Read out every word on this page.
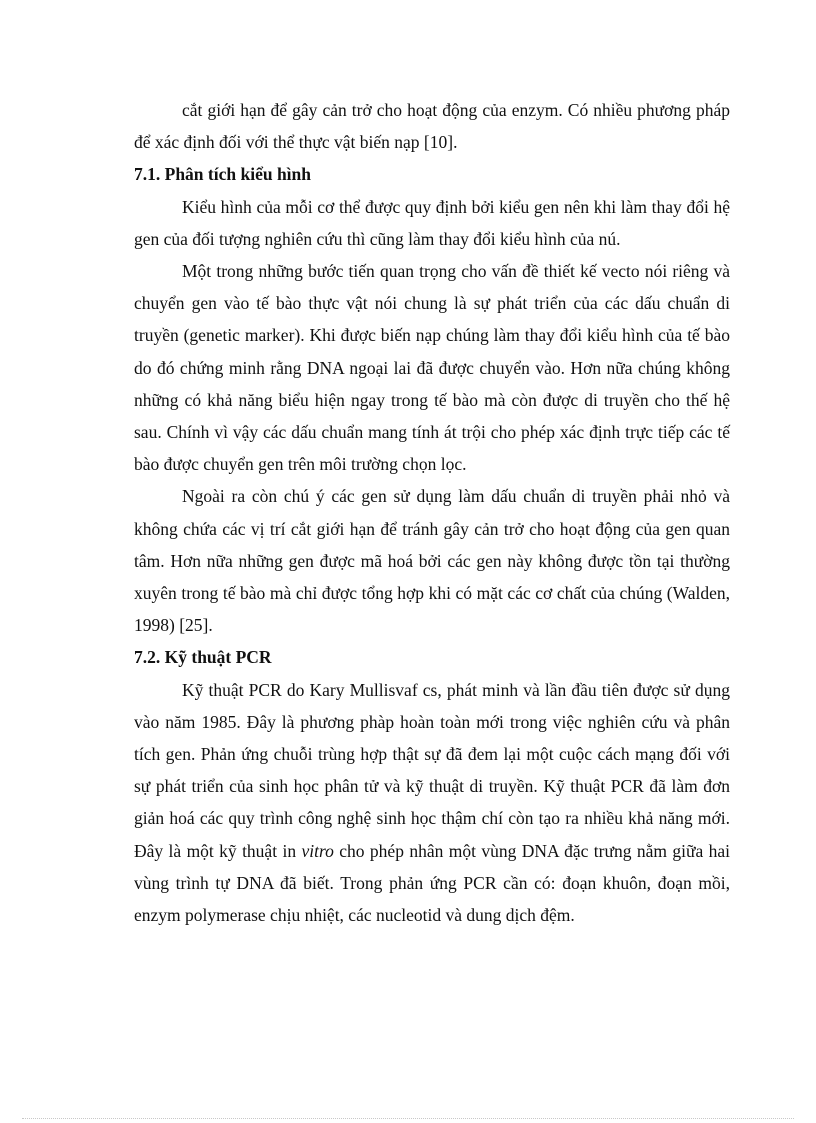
cắt giới hạn để gây cản trở cho hoạt động của enzym. Có nhiều phương pháp để xác định đối với thể thực vật biến nạp [10].

7.1. Phân tích kiểu hình

Kiểu hình của mỗi cơ thể được quy định bởi kiểu gen nên khi làm thay đổi hệ gen của đối tượng nghiên cứu thì cũng làm thay đổi kiểu hình của nú.

Một trong những bước tiến quan trọng cho vấn đề thiết kế vecto nói riêng và chuyển gen vào tế bào thực vật nói chung là sự phát triển của các dấu chuẩn di truyền (genetic marker). Khi được biến nạp chúng làm thay đổi kiểu hình của tế bào do đó chứng minh rằng DNA ngoại lai đã được chuyển vào. Hơn nữa chúng không những có khả năng biểu hiện ngay trong tế bào mà còn được di truyền cho thế hệ sau. Chính vì vậy các dấu chuẩn mang tính át trội cho phép xác định trực tiếp các tế bào được chuyển gen trên môi trường chọn lọc.

Ngoài ra còn chú ý các gen sử dụng làm dấu chuẩn di truyền phải nhỏ và không chứa các vị trí cắt giới hạn để tránh gây cản trở cho hoạt động của gen quan tâm. Hơn nữa những gen được mã hoá bởi các gen này không được tồn tại thường xuyên trong tế bào mà chỉ được tổng hợp khi có mặt các cơ chất của chúng (Walden, 1998) [25].

7.2. Kỹ thuật PCR

Kỹ thuật PCR do Kary Mullisvaf cs, phát minh và lần đầu tiên được sử dụng vào năm 1985. Đây là phương phàp hoàn toàn mới trong việc nghiên cứu và phân tích gen. Phản ứng chuỗi trùng hợp thật sự đã đem lại một cuộc cách mạng đối với sự phát triển của sinh học phân tử và kỹ thuật di truyền. Kỹ thuật PCR đã làm đơn giản hoá các quy trình công nghệ sinh học thậm chí còn tạo ra nhiều khả năng mới. Đây là một kỹ thuật in vitro cho phép nhân một vùng DNA đặc trưng nằm giữa hai vùng trình tự DNA đã biết. Trong phản ứng PCR cần có: đoạn khuôn, đoạn mồi, enzym polymerase chịu nhiệt, các nucleotid và dung dịch đệm.
